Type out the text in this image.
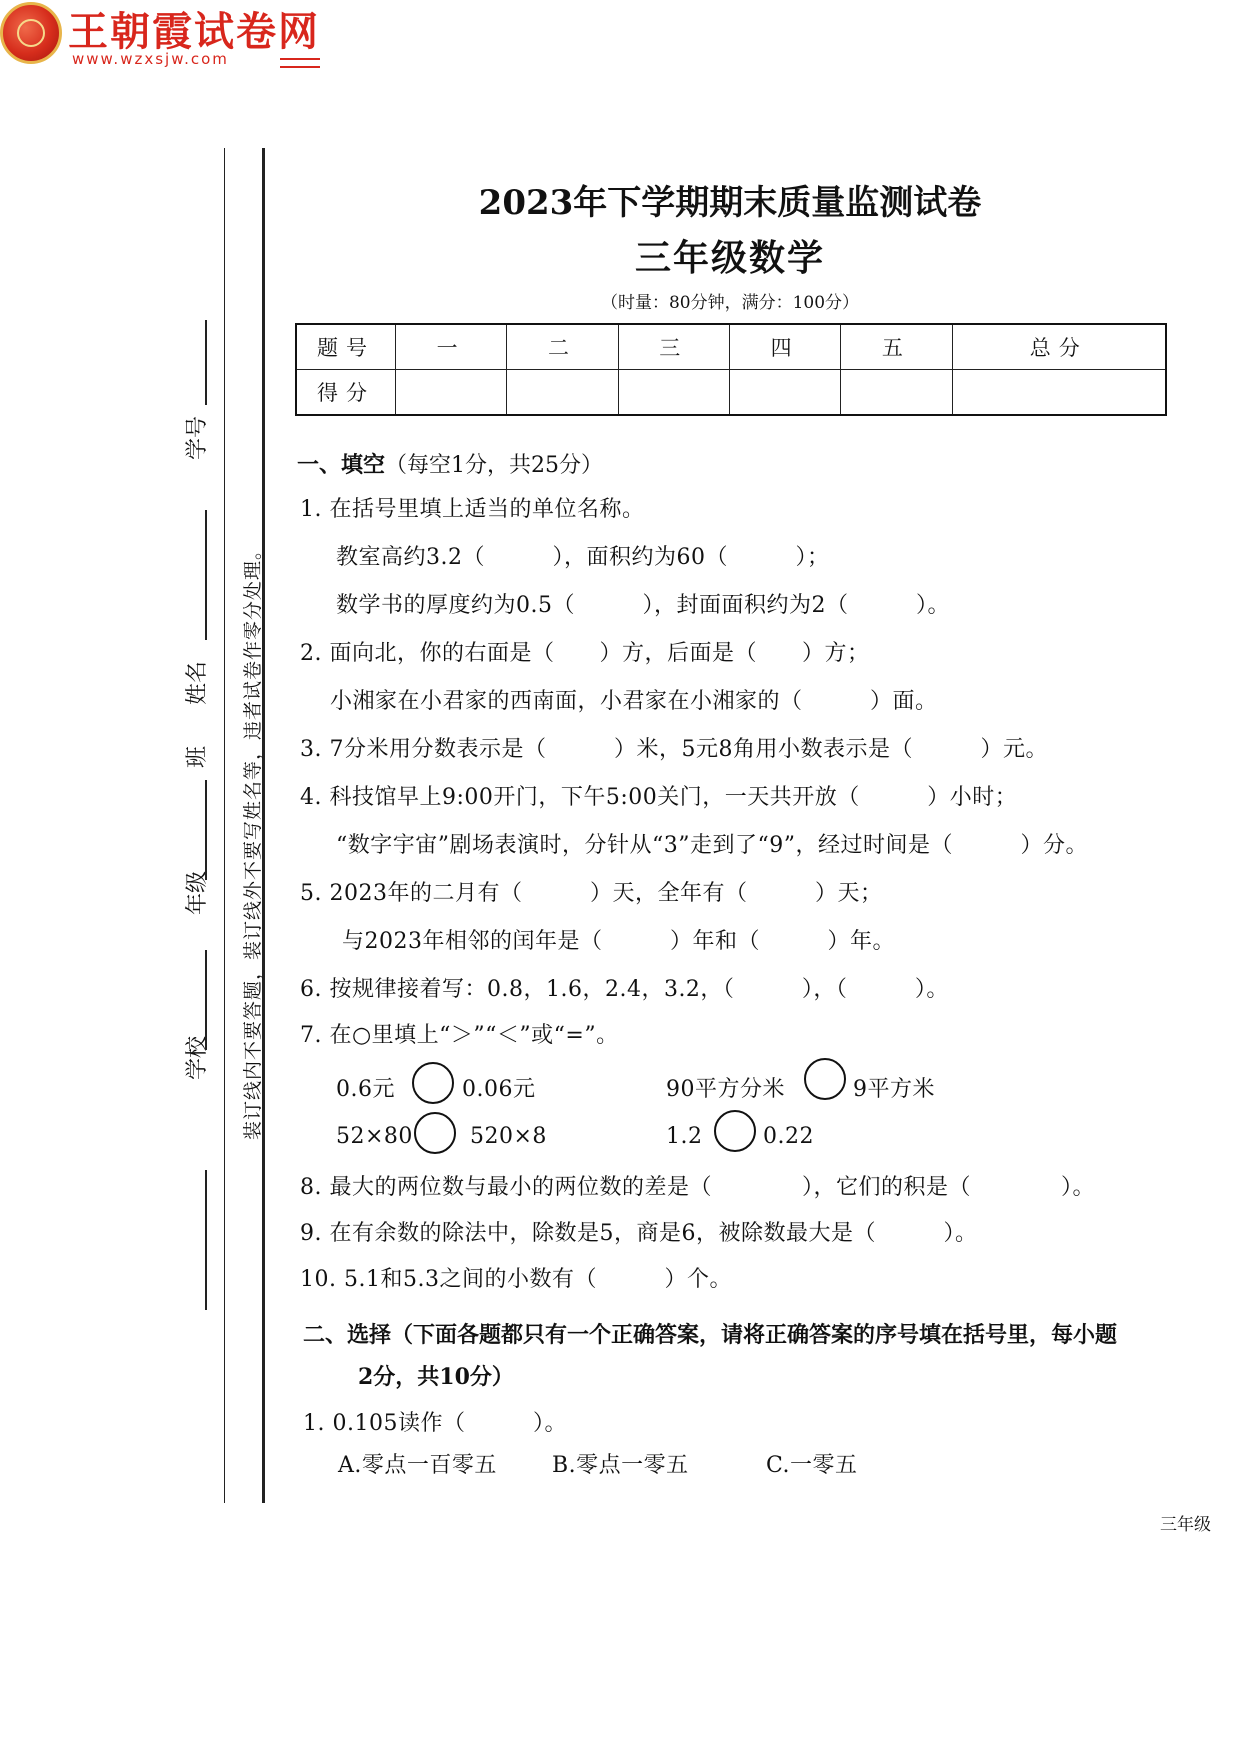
王朝霞试卷网
www.wzxsjw.com
学校
年级
班
姓名
学号
装订线内不要答题，装订线外不要写姓名等，违者试卷作零分处理。
2023年下学期期末质量监测试卷
三年级数学
（时量：80分钟，满分：100分）
题号	一	二	三	四	五	总分
得分						
一、填空（每空1分，共25分）
1. 在括号里填上适当的单位名称。
教室高约3.2（　　　），面积约为60（　　　）；
数学书的厚度约为0.5（　　　），封面面积约为2（　　　）。
2. 面向北，你的右面是（　　）方，后面是（　　）方；
小湘家在小君家的西南面，小君家在小湘家的（　　　）面。
3. 7分米用分数表示是（　　　）米，5元8角用小数表示是（　　　）元。
4. 科技馆早上9:00开门，下午5:00关门，一天共开放（　　　）小时；
“数字宇宙”剧场表演时，分针从“3”走到了“9”，经过时间是（　　　）分。
5. 2023年的二月有（　　　）天，全年有（　　　）天；
与2023年相邻的闰年是（　　　）年和（　　　）年。
6. 按规律接着写：0.8，1.6，2.4，3.2，（　　　），（　　　）。
7. 在○里填上“＞”“＜”或“=”。
0.6元	0.06元	90平方分米	9平方米
52×80	520×8	1.2	0.22
8. 最大的两位数与最小的两位数的差是（　　　　），它们的积是（　　　　）。
9. 在有余数的除法中，除数是5，商是6，被除数最大是（　　　）。
10. 5.1和5.3之间的小数有（　　　）个。
二、选择（下面各题都只有一个正确答案，请将正确答案的序号填在括号里，每小题
2分，共10分）
1. 0.105读作（　　　）。
A.零点一百零五	B.零点一零五	C.一零五
三年级
